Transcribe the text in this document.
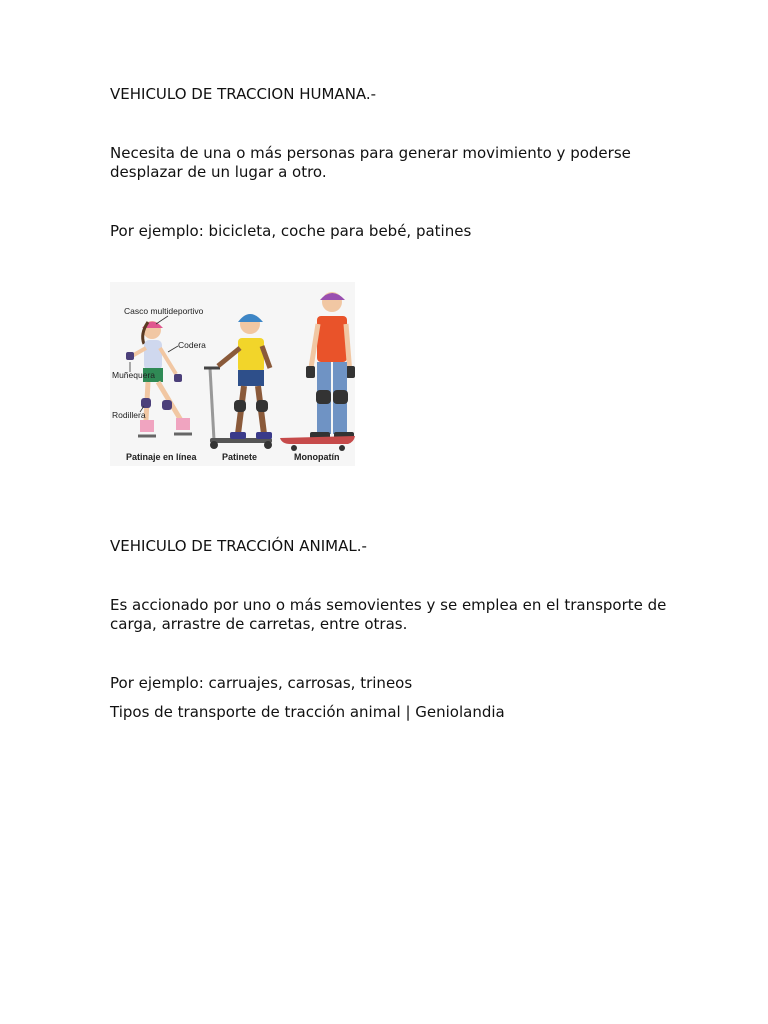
VEHICULO DE TRACCION HUMANA.-

Necesita de una o más personas para generar movimiento y poderse desplazar de un lugar a otro.

Por ejemplo: bicicleta, coche para bebé, patines

Casco multideportivo
Codera
Muñequera
Rodillera
Patinaje en línea	Patinete	Monopatín

VEHICULO DE TRACCIÓN ANIMAL.-

Es accionado por uno o más semovientes y se emplea en el transporte de carga, arrastre de carretas, entre otras.

Por ejemplo: carruajes, carrosas, trineos

Tipos de transporte de tracción animal | Geniolandia
